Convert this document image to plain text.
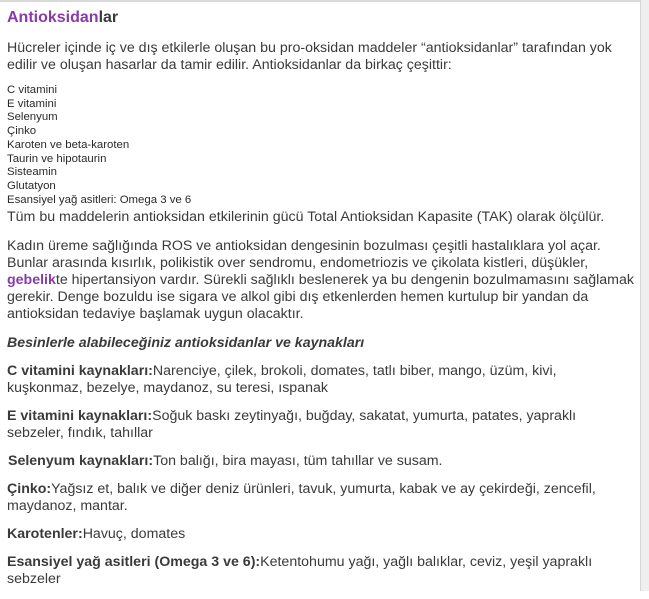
Antioksidanlar

Hücreler içinde iç ve dış etkilerle oluşan bu pro-oksidan maddeler “antioksidanlar” tarafından yok edilir ve oluşan hasarlar da tamir edilir. Antioksidanlar da birkaç çeşittir:

C vitamini
E vitamini
Selenyum
Çinko
Karoten ve beta-karoten
Taurin ve hipotaurin
Sisteamin
Glutatyon
Esansiyel yağ asitleri: Omega 3 ve 6

Tüm bu maddelerin antioksidan etkilerinin gücü Total Antioksidan Kapasite (TAK) olarak ölçülür.

Kadın üreme sağlığında ROS ve antioksidan dengesinin bozulması çeşitli hastalıklara yol açar. Bunlar arasında kısırlık, polikistik over sendromu, endometriozis ve çikolata kistleri, düşükler, gebelikte hipertansiyon vardır. Sürekli sağlıklı beslenerek ya bu dengenin bozulmamasını sağlamak gerekir. Denge bozuldu ise sigara ve alkol gibi dış etkenlerden hemen kurtulup bir yandan da antioksidan tedaviye başlamak uygun olacaktır.

Besinlerle alabileceğiniz antioksidanlar ve kaynakları

C vitamini kaynakları:Narenciye, çilek, brokoli, domates, tatlı biber, mango, üzüm, kivi, kuşkonmaz, bezelye, maydanoz, su teresi, ıspanak

E vitamini kaynakları:Soğuk baskı zeytinyağı, buğday, sakatat, yumurta, patates, yapraklı sebzeler, fındık, tahıllar

Selenyum kaynakları:Ton balığı, bira mayası, tüm tahıllar ve susam.

Çinko:Yağsız et, balık ve diğer deniz ürünleri, tavuk, yumurta, kabak ve ay çekirdeği, zencefil, maydanoz, mantar.

Karotenler:Havuç, domates

Esansiyel yağ asitleri (Omega 3 ve 6):Ketentohumu yağı, yağlı balıklar, ceviz, yeşil yapraklı sebzeler
